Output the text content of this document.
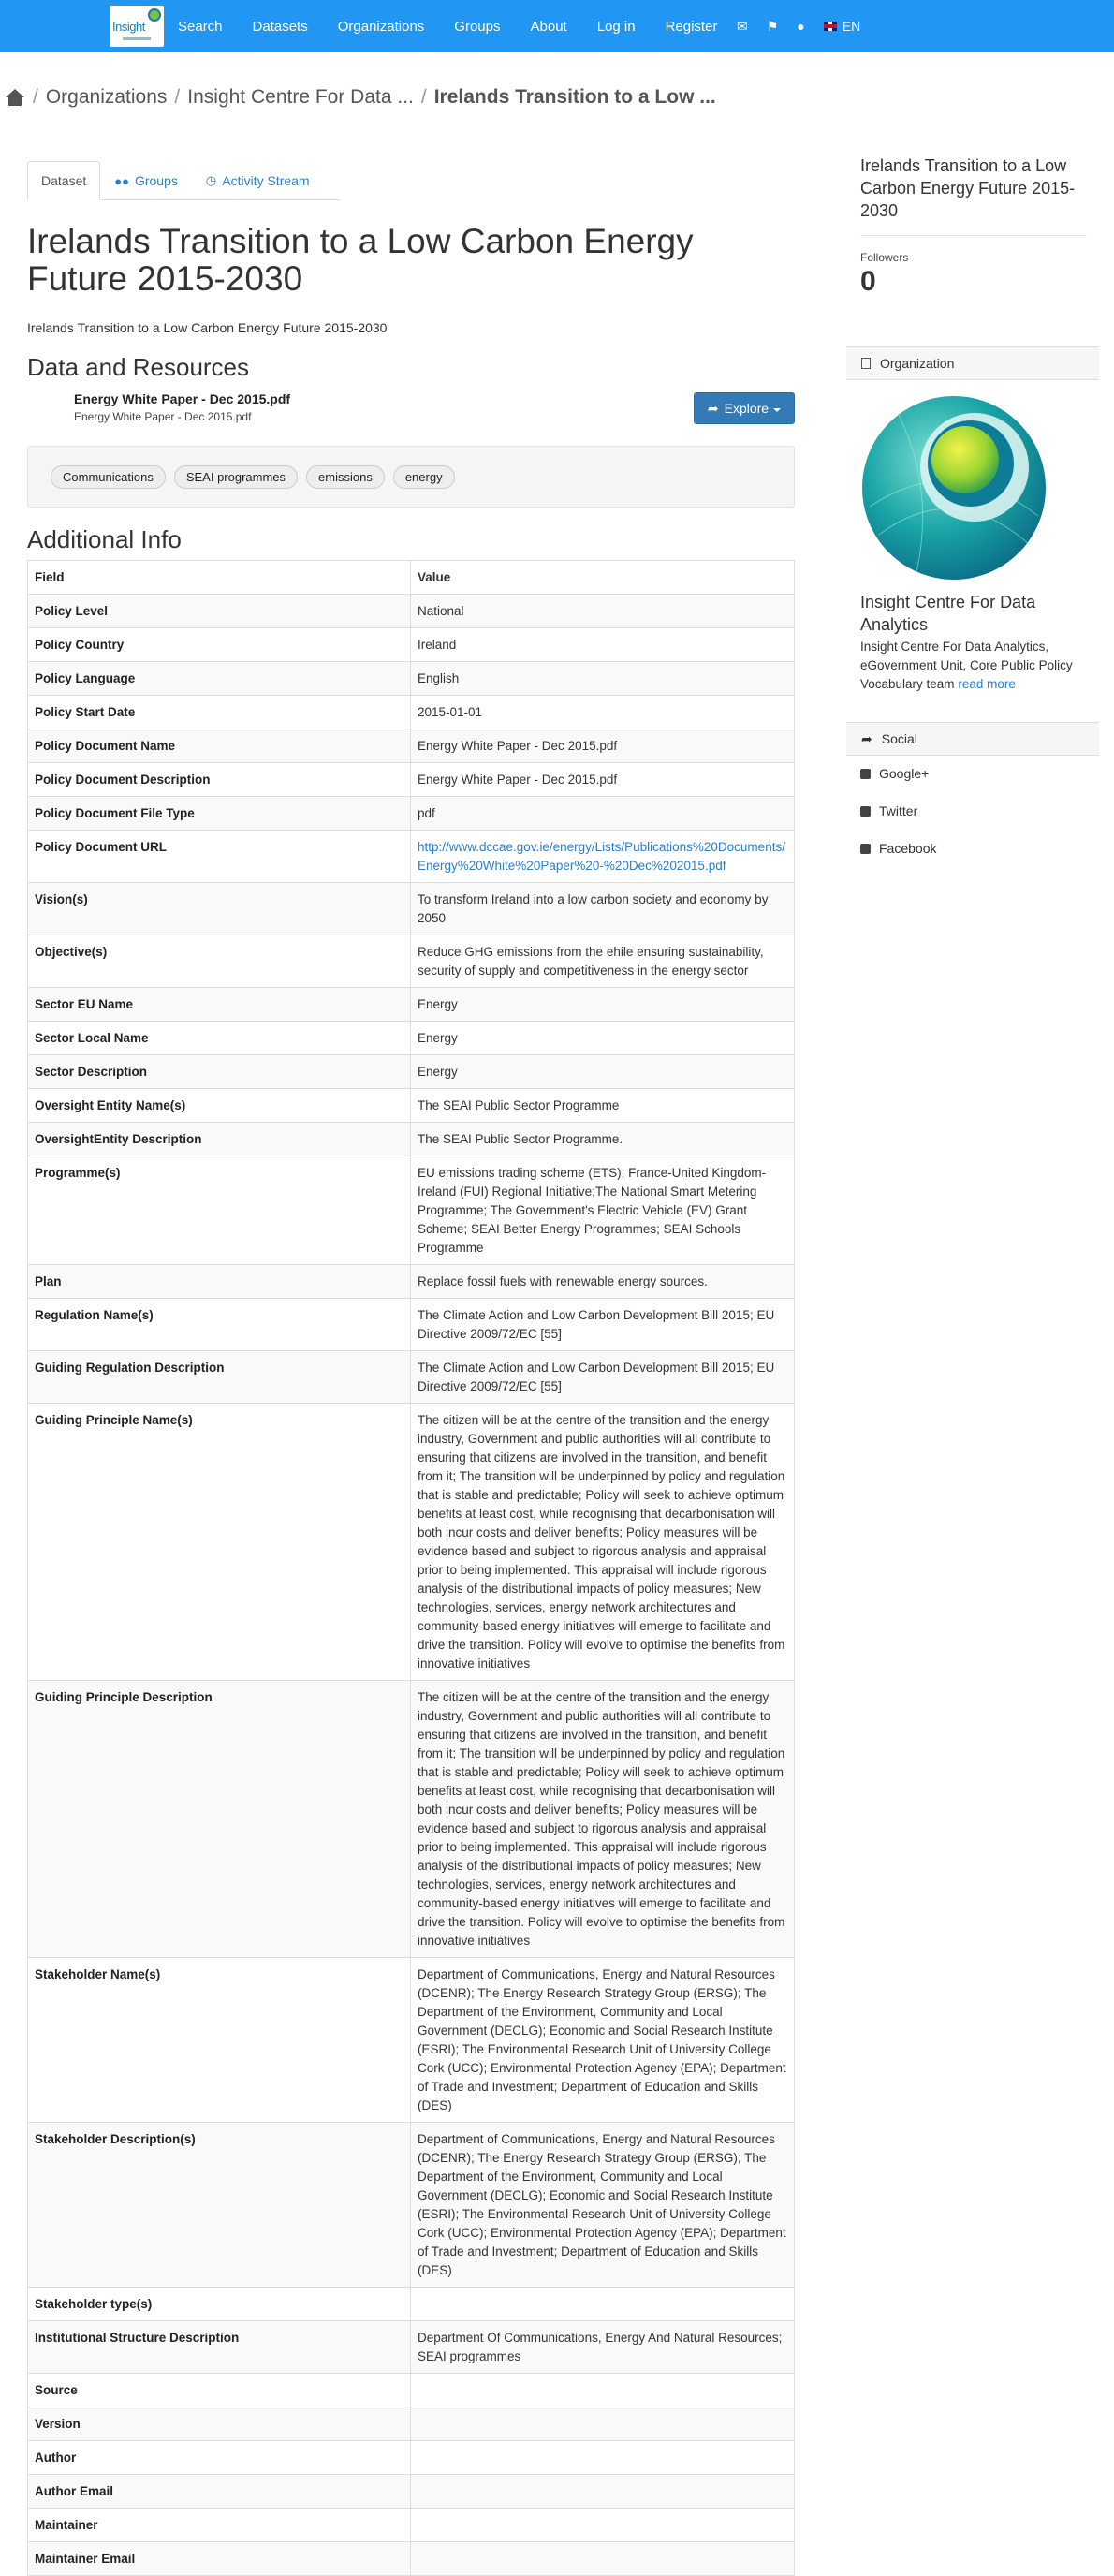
Insight Search Datasets Organizations Groups About Log in Register ✉ ⚑ ●	EN
/ Organizations / Insight Centre For Data ... / Irelands Transition to a Low ...
Dataset ●● Groups ◷ Activity Stream
Irelands Transition to a Low Carbon Energy Future 2015-2030

Irelands Transition to a Low Carbon Energy Future 2015-2030

Data and Resources
Energy White Paper - Dec 2015.pdf
Energy White Paper - Dec 2015.pdf
➦ Explore
Communications	SEAI programmes	emissions	energy
Additional Info
Field	Value
Policy Level	National
Policy Country	Ireland
Policy Language	English
Policy Start Date	2015-01-01
Policy Document Name	Energy White Paper - Dec 2015.pdf
Policy Document Description	Energy White Paper - Dec 2015.pdf
Policy Document File Type	pdf
Policy Document URL	http://www.dccae.gov.ie/energy/Lists/Publications%20Documents/Energy%20White%20Paper%20-%20Dec%202015.pdf
Vision(s)	To transform Ireland into a low carbon society and economy by 2050
Objective(s)	Reduce GHG emissions from the ehile ensuring sustainability, security of supply and competitiveness in the energy sector
Sector EU Name	Energy
Sector Local Name	Energy
Sector Description	Energy
Oversight Entity Name(s)	The SEAI Public Sector Programme
OversightEntity Description	The SEAI Public Sector Programme.
Programme(s)	EU emissions trading scheme (ETS); France-United Kingdom-Ireland (FUI) Regional Initiative;The National Smart Metering Programme; The Government's Electric Vehicle (EV) Grant Scheme; SEAI Better Energy Programmes; SEAI Schools Programme
Plan	Replace fossil fuels with renewable energy sources.
Regulation Name(s)	The Climate Action and Low Carbon Development Bill 2015; EU Directive 2009/72/EC [55]
Guiding Regulation Description	The Climate Action and Low Carbon Development Bill 2015; EU Directive 2009/72/EC [55]
Guiding Principle Name(s)	The citizen will be at the centre of the transition and the energy industry, Government and public authorities will all contribute to ensuring that citizens are involved in the transition, and benefit from it; The transition will be underpinned by policy and regulation that is stable and predictable; Policy will seek to achieve optimum benefits at least cost, while recognising that decarbonisation will both incur costs and deliver benefits; Policy measures will be evidence based and subject to rigorous analysis and appraisal prior to being implemented. This appraisal will include rigorous analysis of the distributional impacts of policy measures; New technologies, services, energy network architectures and community-based energy initiatives will emerge to facilitate and drive the transition. Policy will evolve to optimise the benefits from innovative initiatives
Guiding Principle Description	The citizen will be at the centre of the transition and the energy industry, Government and public authorities will all contribute to ensuring that citizens are involved in the transition, and benefit from it; The transition will be underpinned by policy and regulation that is stable and predictable; Policy will seek to achieve optimum benefits at least cost, while recognising that decarbonisation will both incur costs and deliver benefits; Policy measures will be evidence based and subject to rigorous analysis and appraisal prior to being implemented. This appraisal will include rigorous analysis of the distributional impacts of policy measures; New technologies, services, energy network architectures and community-based energy initiatives will emerge to facilitate and drive the transition. Policy will evolve to optimise the benefits from innovative initiatives
Stakeholder Name(s)	Department of Communications, Energy and Natural Resources (DCENR); The Energy Research Strategy Group (ERSG); The Department of the Environment, Community and Local Government (DECLG); Economic and Social Research Institute (ESRI); The Environmental Research Unit of University College Cork (UCC); Environmental Protection Agency (EPA); Department of Trade and Investment; Department of Education and Skills (DES)
Stakeholder Description(s)	Department of Communications, Energy and Natural Resources (DCENR); The Energy Research Strategy Group (ERSG); The Department of the Environment, Community and Local Government (DECLG); Economic and Social Research Institute (ESRI); The Environmental Research Unit of University College Cork (UCC); Environmental Protection Agency (EPA); Department of Trade and Investment; Department of Education and Skills (DES)
Stakeholder type(s)	
Institutional Structure Description	Department Of Communications, Energy And Natural Resources; SEAI programmes
Source	
Version	
Author	
Author Email	
Maintainer	
Maintainer Email	
Irelands Transition to a Low Carbon Energy Future 2015-2030
Followers
0
Organization
Insight Centre For Data Analytics
Insight Centre For Data Analytics, eGovernment Unit, Core Public Policy Vocabulary team read more
➦ Social
Google+
Twitter
Facebook
